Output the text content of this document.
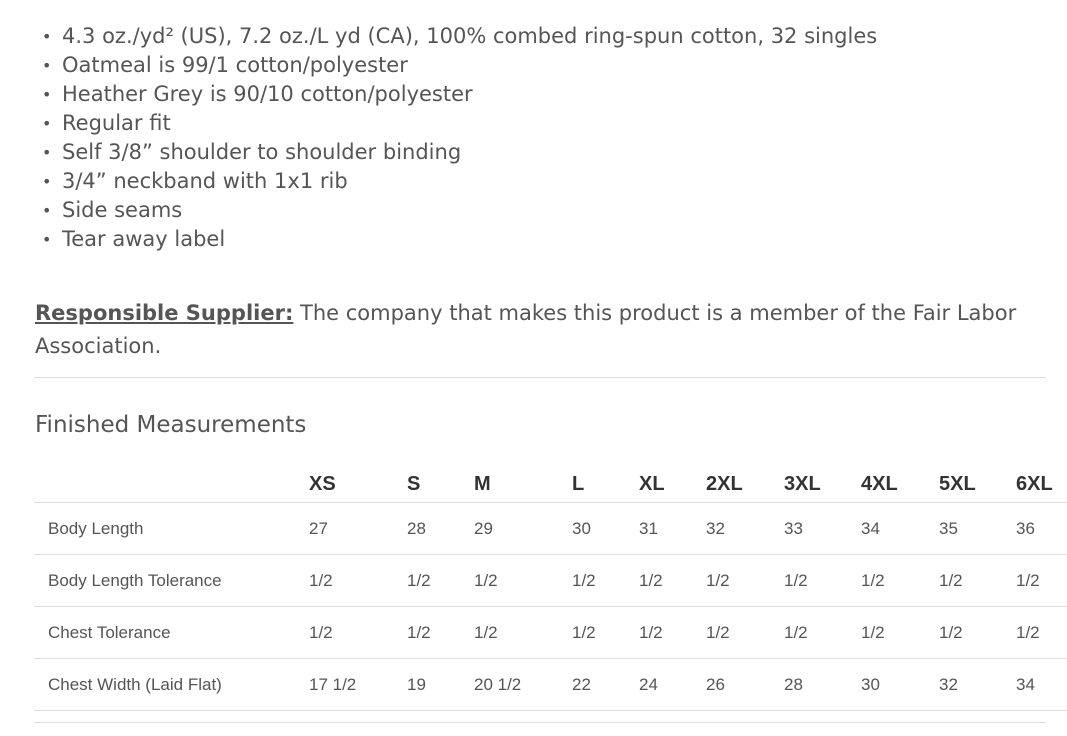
• 4.3 oz./yd² (US), 7.2 oz./L yd (CA), 100% combed ring-spun cotton, 32 singles
• Oatmeal is 99/1 cotton/polyester
• Heather Grey is 90/10 cotton/polyester
• Regular fit
• Self 3/8” shoulder to shoulder binding
• 3/4” neckband with 1x1 rib
• Side seams
• Tear away label

Responsible Supplier: The company that makes this product is a member of the Fair Labor Association.

Finished Measurements
	XS	S	M	L	XL	2XL	3XL	4XL	5XL	6XL
Body Length	27	28	29	30	31	32	33	34	35	36
Body Length Tolerance	1/2	1/2	1/2	1/2	1/2	1/2	1/2	1/2	1/2	1/2
Chest Tolerance	1/2	1/2	1/2	1/2	1/2	1/2	1/2	1/2	1/2	1/2
Chest Width (Laid Flat)	17 1/2	19	20 1/2	22	24	26	28	30	32	34
